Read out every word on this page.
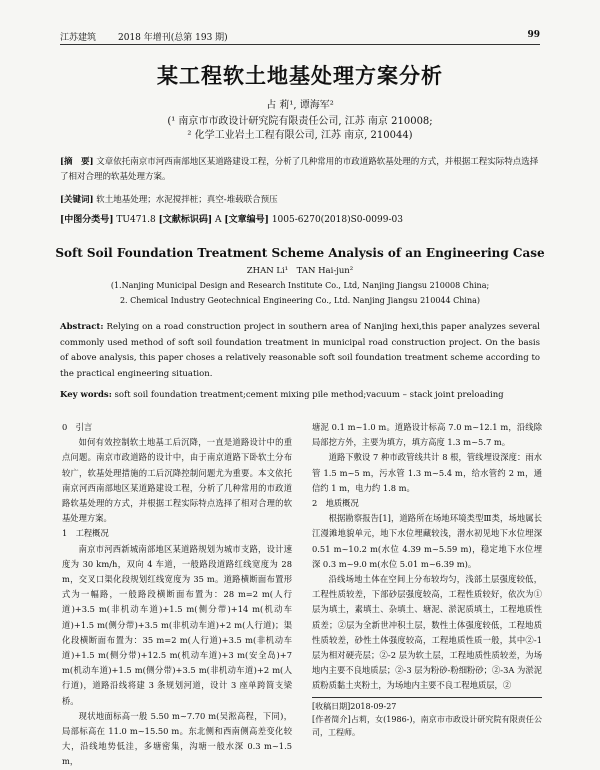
江苏建筑 2018 年增刊(总第 193 期)	99
某工程软土地基处理方案分析
占 莉¹, 谭海军²
(¹ 南京市市政设计研究院有限责任公司, 江苏 南京 210008;
² 化学工业岩土工程有限公司, 江苏 南京, 210044)
[摘　要] 文章依托南京市河西南部地区某道路建设工程，分析了几种常用的市政道路软基处理的方式，并根据工程实际特点选择了相对合理的软基处理方案。
[关键词] 软土地基处理；水泥搅拌桩；真空-堆载联合预压
[中图分类号] TU471.8 [文献标识码] A [文章编号] 1005-6270(2018)S0-0099-03
Soft Soil Foundation Treatment Scheme Analysis of an Engineering Case
ZHAN Li¹　TAN Hai-jun²
(1.Nanjing Municipal Design and Research Institute Co., Ltd, Nanjing Jiangsu 210008 China;
2. Chemical Industry Geotechnical Engineering Co., Ltd. Nanjing Jiangsu 210044 China)
Abstract: Relying on a road construction project in southern area of Nanjing hexi,this paper analyzes several commonly used method of soft soil foundation treatment in municipal road construction project. On the basis of above analysis, this paper choses a relatively reasonable soft soil foundation treatment scheme according to the practical engineering situation.
Key words: soft soil foundation treatment;cement mixing pile method;vacuum – stack joint preloading

0　引言

如何有效控制软土地基工后沉降，一直是道路设计中的重点问题。南京市政道路的设计中，由于南京道路下卧软土分布较广，软基处理措施的工后沉降控制问题尤为重要。本文依托南京河西南部地区某道路建设工程，分析了几种常用的市政道路软基处理的方式，并根据工程实际特点选择了相对合理的软基处理方案。

1　工程概况

南京市河西新城南部地区某道路规划为城市支路，设计速度为 30 km/h，双向 4 车道，一般路段道路红线宽度为 28 m，交叉口渠化段规划红线宽度为 35 m。道路横断面布置形式为一幅路，一般路段横断面布置为：28 m=2 m(人行道)+3.5 m(非机动车道)+1.5 m(侧分带)+14 m(机动车道)+1.5 m(侧分带)+3.5 m(非机动车道)+2 m(人行道)；渠化段横断面布置为：35 m=2 m(人行道)+3.5 m(非机动车道)+1.5 m(侧分带)+12.5 m(机动车道)+3 m(安全岛)+7 m(机动车道)+1.5 m(侧分带)+3.5 m(非机动车道)+2 m(人行道)，道路沿线将建 3 条规划河道，设计 3 座单跨简支梁桥。

现状地面标高一般 5.50 m~7.70 m(吴淞高程，下同)，局部标高在 11.0 m~15.50 m。东北侧和西南侧高差变化较大，沿线地势低洼，多塘密集，沟塘一般水深 0.3 m~1.5 m，

塘泥 0.1 m~1.0 m。道路设计标高 7.0 m~12.1 m，沿线除局部挖方外，主要为填方，填方高度 1.3 m~5.7 m。

道路下敷设 7 种市政管线共计 8 根，管线埋设深度：雨水管 1.5 m~5 m，污水管 1.3 m~5.4 m，给水管约 2 m，通信约 1 m，电力约 1.8 m。

2　地质概况

根据勘察报告[1]，道路所在场地环境类型Ⅲ类，场地属长江漫滩地貌单元，地下水位埋藏较浅，潜水初见地下水位埋深 0.51 m~10.2 m(水位 4.39 m~5.59 m)，稳定地下水位埋深 0.3 m~9.0 m(水位 5.01 m~6.39 m)。

沿线场地土体在空间上分布较均匀，浅部土层强度较低，工程性质较差，下部砂层强度较高，工程性质较好，依次为①层为填土，素填土、杂填土、塘泥、淤泥质填土，工程地质性质差；②层为全新世冲积土层，数性土体强度较低，工程地质性质较差，砂性土体强度较高，工程地质性质一般，其中②-1 层为相对硬壳层；②-2 层为软土层，工程地质性质较差，为场地内主要不良地质层；②-3 层为粉砂-粉细粉砂；②-3A 为淤泥质粉质黏土夹粉土，为场地内主要不良工程地质层，②

[收稿日期]2018-09-27
[作者简介]占莉，女(1986-)，南京市市政设计研究院有限责任公司，工程师。
